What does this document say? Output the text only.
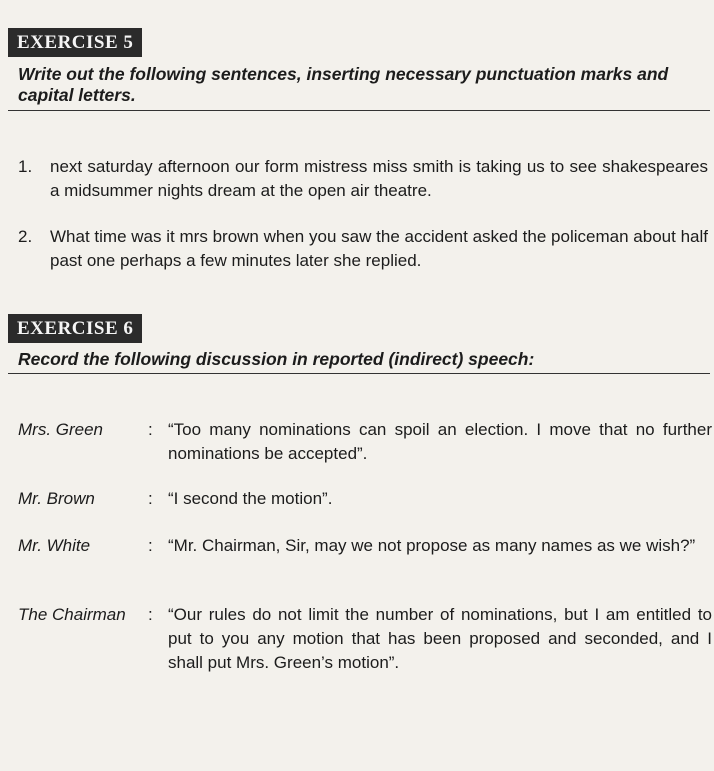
EXERCISE 5
Write out the following sentences, inserting necessary punctuation marks and capital letters.
1. next saturday afternoon our form mistress miss smith is taking us to see shakespeares a midsummer nights dream at the open air theatre.
2. What time was it mrs brown when you saw the accident asked the policeman about half past one perhaps a few minutes later she replied.
EXERCISE 6
Record the following discussion in reported (indirect) speech:
Mrs. Green	: “Too many nominations can spoil an election. I move that no further nominations be accepted”.
Mr. Brown	: “I second the motion”.
Mr. White	: “Mr. Chairman, Sir, may we not propose as many names as we wish?”
The Chairman : “Our rules do not limit the number of nominations, but I am entitled to put to you any motion that has been proposed and seconded, and I shall put Mrs. Green’s motion”.
